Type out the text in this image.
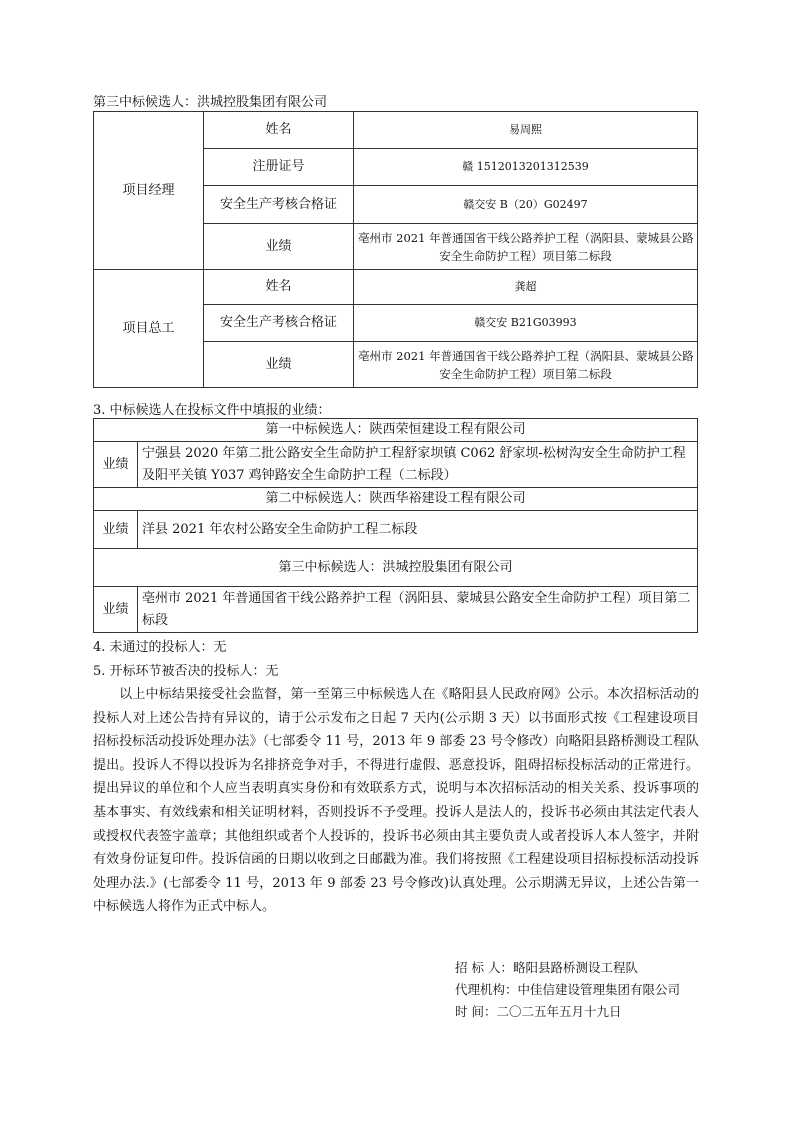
第三中标候选人：洪城控股集团有限公司
项目经理	姓名	易周熙
	注册证号	赣 1512013201312539
	安全生产考核合格证	赣交安 B（20）G02497
	业绩	亳州市 2021 年普通国省干线公路养护工程（涡阳县、蒙城县公路
安全生命防护工程）项目第二标段

项目总工	姓名	龚超
	安全生产考核合格证	赣交安 B21G03993
	业绩	亳州市 2021 年普通国省干线公路养护工程（涡阳县、蒙城县公路
安全生命防护工程）项目第二标段
3. 中标候选人在投标文件中填报的业绩：
第一中标候选人：陕西荣恒建设工程有限公司	
业绩	宁强县 2020 年第二批公路安全生命防护工程舒家坝镇 C062 舒家坝-松树沟安全生命防护工程及阳平关镇 Y037 鸡钟路安全生命防护工程（二标段）
第二中标候选人：陕西华裕建设工程有限公司	
业绩	洋县 2021 年农村公路安全生命防护工程二标段
第三中标候选人：洪城控股集团有限公司	
业绩	亳州市 2021 年普通国省干线公路养护工程（涡阳县、蒙城县公路安全生命防护工程）项目第二标段
4. 未通过的投标人：无
5. 开标环节被否决的投标人：无
以上中标结果接受社会监督，第一至第三中标候选人在《略阳县人民政府网》公示。本次招标活动的投标人对上述公告持有异议的，请于公示发布之日起 7 天内(公示期 3 天）以书面形式按《工程建设项目招标投标活动投诉处理办法》（七部委令 11 号，2013 年 9 部委 23 号令修改）向略阳县路桥测设工程队提出。投诉人不得以投诉为名排挤竞争对手，不得进行虚假、恶意投诉，阻碍招标投标活动的正常进行。提出异议的单位和个人应当表明真实身份和有效联系方式，说明与本次招标活动的相关关系、投诉事项的基本事实、有效线索和相关证明材料，否则投诉不予受理。投诉人是法人的，投诉书必须由其法定代表人或授权代表签字盖章；其他组织或者个人投诉的，投诉书必须由其主要负责人或者投诉人本人签字，并附有效身份证复印件。投诉信函的日期以收到之日邮戳为准。我们将按照《工程建设项目招标投标活动投诉处理办法.》(七部委令 11 号，2013 年 9 部委 23 号令修改)认真处理。公示期满无异议，上述公告第一中标候选人将作为正式中标人。
招 标 人：略阳县路桥测设工程队
代理机构：中佳信建设管理集团有限公司
时 间：二〇二五年五月十九日
